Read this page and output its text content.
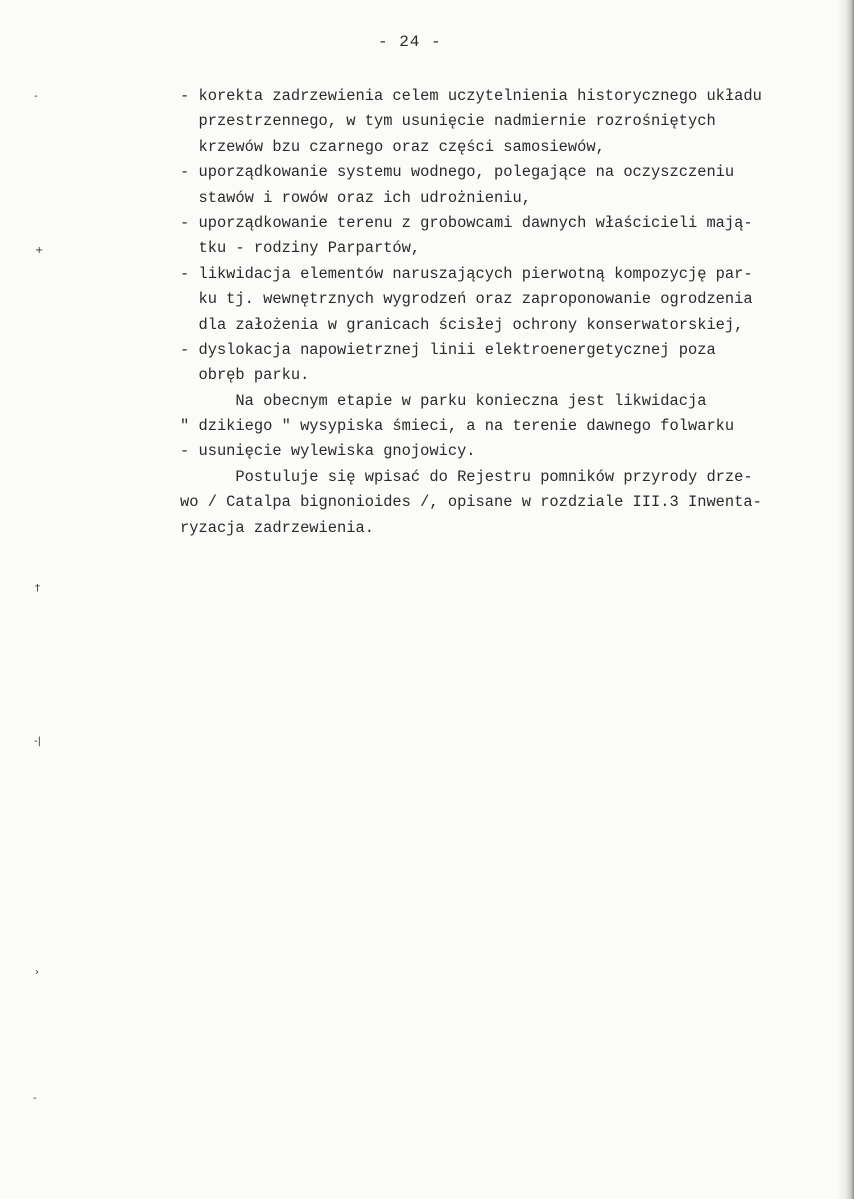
- 24 -
-
+
†
-|
›
-
- korekta zadrzewienia celem uczytelnienia historycznego układu
przestrzennego, w tym usunięcie nadmiernie rozrośniętych
krzewów bzu czarnego oraz części samosiewów,
- uporządkowanie systemu wodnego, polegające na oczyszczeniu
stawów i rowów oraz ich udrożnieniu,
- uporządkowanie terenu z grobowcami dawnych właścicieli mają-
tku - rodziny Parpartów,
- likwidacja elementów naruszających pierwotną kompozycję par-
ku tj. wewnętrznych wygrodzeń oraz zaproponowanie ogrodzenia
dla założenia w granicach ścisłej ochrony konserwatorskiej,
- dyslokacja napowietrznej linii elektroenergetycznej poza
obręb parku.
Na obecnym etapie w parku konieczna jest likwidacja
" dzikiego " wysypiska śmieci, a na terenie dawnego folwarku
- usunięcie wylewiska gnojowicy.
Postuluje się wpisać do Rejestru pomników przyrody drze-
wo / Catalpa bignonioides /, opisane w rozdziale III.3 Inwenta-
ryzacja zadrzewienia.
